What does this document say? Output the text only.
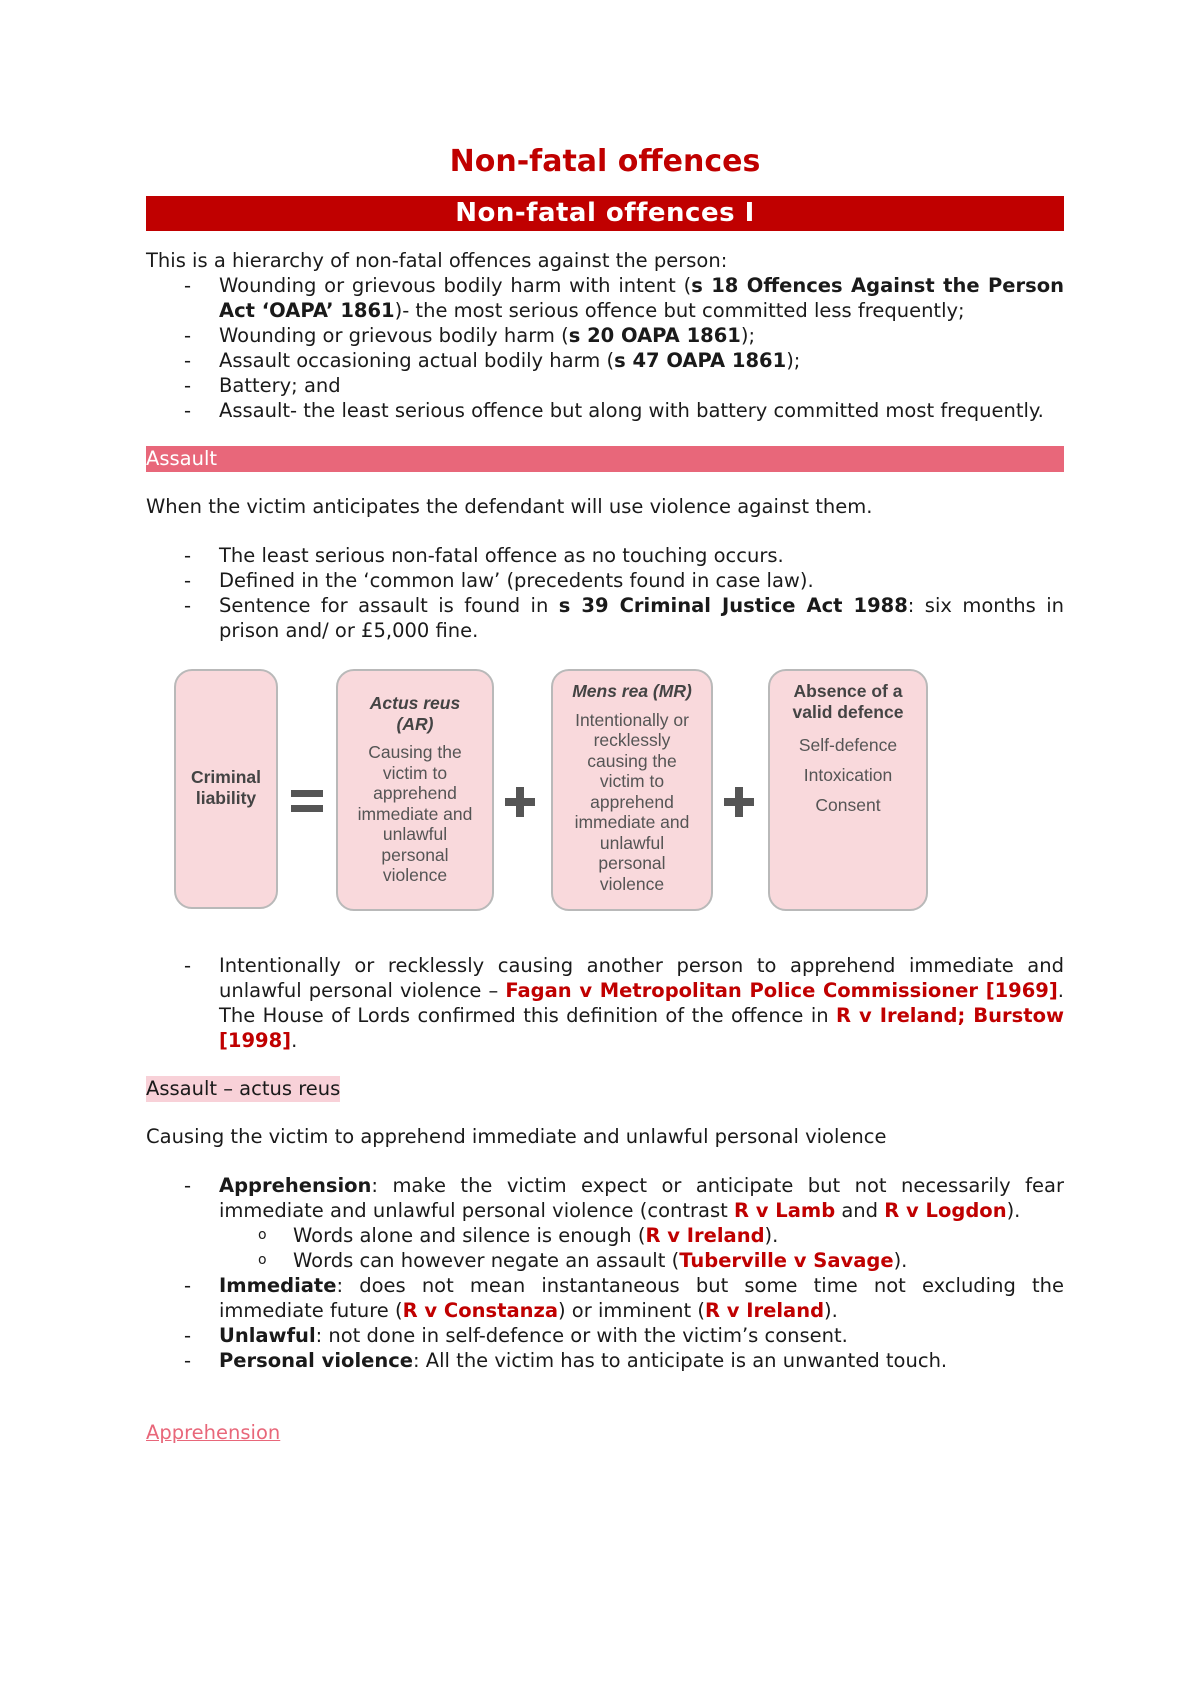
Non-fatal offences
Non-fatal offences I

This is a hierarchy of non-fatal offences against the person:

- Wounding or grievous bodily harm with intent (s 18 Offences Against the Person Act ‘OAPA’ 1861)- the most serious offence but committed less frequently;
- Wounding or grievous bodily harm (s 20 OAPA 1861);
- Assault occasioning actual bodily harm (s 47 OAPA 1861);
- Battery; and
- Assault- the least serious offence but along with battery committed most frequently.
Assault

When the victim anticipates the defendant will use violence against them.

- The least serious non-fatal offence as no touching occurs.
- Defined in the ‘common law’ (precedents found in case law).
- Sentence for assault is found in s 39 Criminal Justice Act 1988: six months in prison and/ or £5,000 fine.
Criminal
liability
Actus reus
(AR)
Causing the
victim to
apprehend
immediate and
unlawful
personal
violence
Mens rea (MR)
Intentionally or
recklessly
causing the
victim to
apprehend
immediate and
unlawful
personal
violence
Absence of a
valid defence
Self-defence
Intoxication
Consent
- Intentionally or recklessly causing another person to apprehend immediate and unlawful personal violence – Fagan v Metropolitan Police Commissioner [1969]. The House of Lords confirmed this definition of the offence in R v Ireland; Burstow [1998].
Assault – actus reus

Causing the victim to apprehend immediate and unlawful personal violence

- Apprehension: make the victim expect or anticipate but not necessarily fear immediate and unlawful personal violence (contrast R v Lamb and R v Logdon).
o Words alone and silence is enough (R v Ireland).
o Words can however negate an assault (Tuberville v Savage).
- Immediate: does not mean instantaneous but some time not excluding the immediate future (R v Constanza) or imminent (R v Ireland).
- Unlawful: not done in self-defence or with the victim’s consent.
- Personal violence: All the victim has to anticipate is an unwanted touch.
Apprehension
